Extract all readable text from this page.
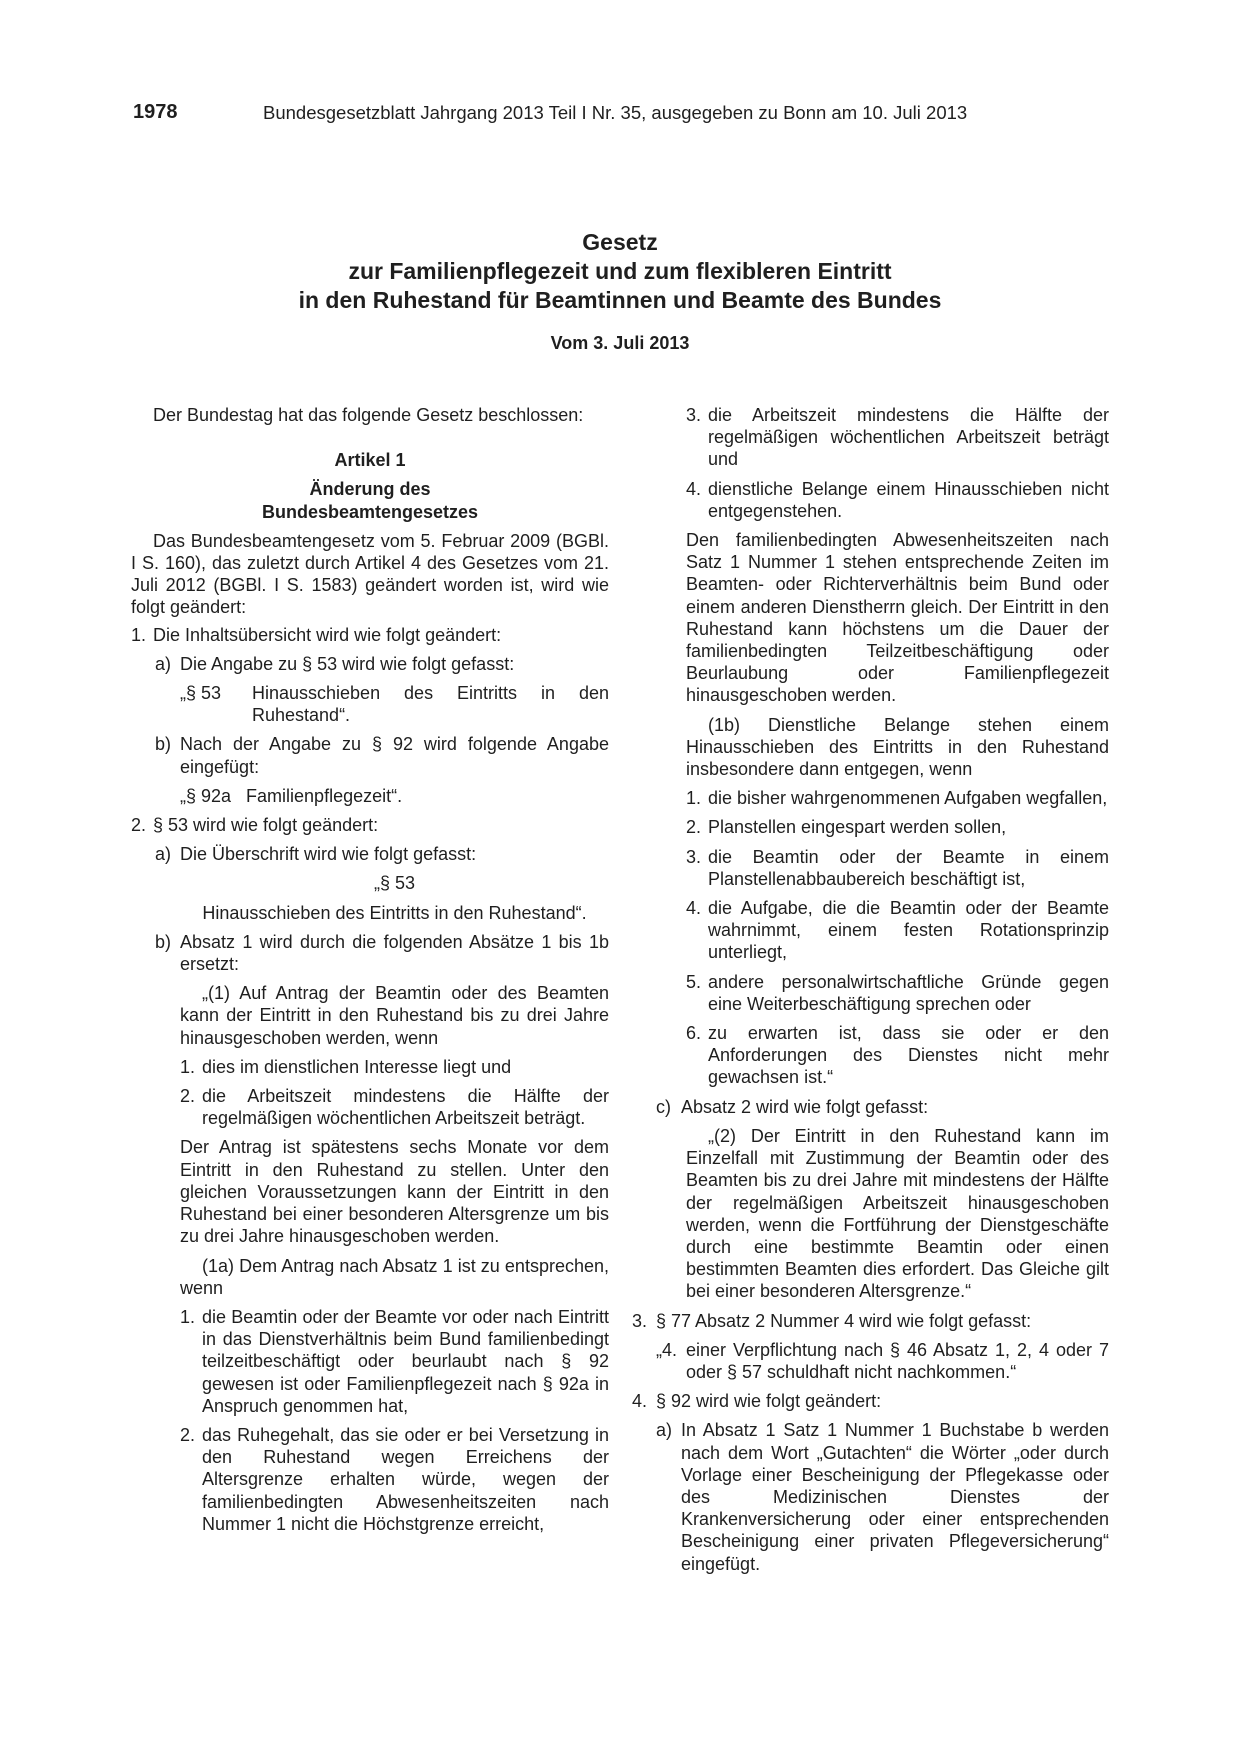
1978	Bundesgesetzblatt Jahrgang 2013 Teil I Nr. 35, ausgegeben zu Bonn am 10. Juli 2013
Gesetz
zur Familienpflegezeit und zum flexibleren Eintritt
in den Ruhestand für Beamtinnen und Beamte des Bundes
Vom 3. Juli 2013

Der Bundestag hat das folgende Gesetz beschlossen:

Artikel 1
Änderung des
Bundesbeamtengesetzes

Das Bundesbeamtengesetz vom 5. Februar 2009 (BGBl. I S. 160), das zuletzt durch Artikel 4 des Gesetzes vom 21. Juli 2012 (BGBl. I S. 1583) geändert worden ist, wird wie folgt geändert:

1. Die Inhaltsübersicht wird wie folgt geändert:
a) Die Angabe zu § 53 wird wie folgt gefasst:
„§ 53	Hinausschieben des Eintritts in den Ruhestand“.
b) Nach der Angabe zu § 92 wird folgende Angabe eingefügt:

„§ 92a   Familienpflegezeit“.

2. § 53 wird wie folgt geändert:
a) Die Überschrift wird wie folgt gefasst:
„§ 53
Hinausschieben des Eintritts in den Ruhestand“.
b) Absatz 1 wird durch die folgenden Absätze 1 bis 1b ersetzt:

„(1) Auf Antrag der Beamtin oder des Beamten kann der Eintritt in den Ruhestand bis zu drei Jahre hinausgeschoben werden, wenn

1. dies im dienstlichen Interesse liegt und
2. die Arbeitszeit mindestens die Hälfte der regelmäßigen wöchentlichen Arbeitszeit beträgt.

Der Antrag ist spätestens sechs Monate vor dem Eintritt in den Ruhestand zu stellen. Unter den gleichen Voraussetzungen kann der Eintritt in den Ruhestand bei einer besonderen Altersgrenze um bis zu drei Jahre hinausgeschoben werden.

(1a) Dem Antrag nach Absatz 1 ist zu entsprechen, wenn

1. die Beamtin oder der Beamte vor oder nach Eintritt in das Dienstverhältnis beim Bund familienbedingt teilzeitbeschäftigt oder beurlaubt nach § 92 gewesen ist oder Familienpflegezeit nach § 92a in Anspruch genommen hat,
2. das Ruhegehalt, das sie oder er bei Versetzung in den Ruhestand wegen Erreichens der Altersgrenze erhalten würde, wegen der familienbedingten Abwesenheitszeiten nach Nummer 1 nicht die Höchstgrenze erreicht,
3. die Arbeitszeit mindestens die Hälfte der regelmäßigen wöchentlichen Arbeitszeit beträgt und
4. dienstliche Belange einem Hinausschieben nicht entgegenstehen.

Den familienbedingten Abwesenheitszeiten nach Satz 1 Nummer 1 stehen entsprechende Zeiten im Beamten- oder Richterverhältnis beim Bund oder einem anderen Dienstherrn gleich. Der Eintritt in den Ruhestand kann höchstens um die Dauer der familienbedingten Teilzeitbeschäftigung oder Beurlaubung oder Familienpflegezeit hinausgeschoben werden.

(1b) Dienstliche Belange stehen einem Hinausschieben des Eintritts in den Ruhestand insbesondere dann entgegen, wenn

1. die bisher wahrgenommenen Aufgaben wegfallen,
2. Planstellen eingespart werden sollen,
3. die Beamtin oder der Beamte in einem Planstellenabbaubereich beschäftigt ist,
4. die Aufgabe, die die Beamtin oder der Beamte wahrnimmt, einem festen Rotationsprinzip unterliegt,
5. andere personalwirtschaftliche Gründe gegen eine Weiterbeschäftigung sprechen oder
6. zu erwarten ist, dass sie oder er den Anforderungen des Dienstes nicht mehr gewachsen ist.“
c) Absatz 2 wird wie folgt gefasst:

„(2) Der Eintritt in den Ruhestand kann im Einzelfall mit Zustimmung der Beamtin oder des Beamten bis zu drei Jahre mit mindestens der Hälfte der regelmäßigen Arbeitszeit hinausgeschoben werden, wenn die Fortführung der Dienstgeschäfte durch eine bestimmte Beamtin oder einen bestimmten Beamten dies erfordert. Das Gleiche gilt bei einer besonderen Altersgrenze.“

3. § 77 Absatz 2 Nummer 4 wird wie folgt gefasst:
„4. einer Verpflichtung nach § 46 Absatz 1, 2, 4 oder 7 oder § 57 schuldhaft nicht nachkommen.“
4. § 92 wird wie folgt geändert:
a) In Absatz 1 Satz 1 Nummer 1 Buchstabe b werden nach dem Wort „Gutachten“ die Wörter „oder durch Vorlage einer Bescheinigung der Pflegekasse oder des Medizinischen Dienstes der Krankenversicherung oder einer entsprechenden Bescheinigung einer privaten Pflegeversicherung“ eingefügt.
